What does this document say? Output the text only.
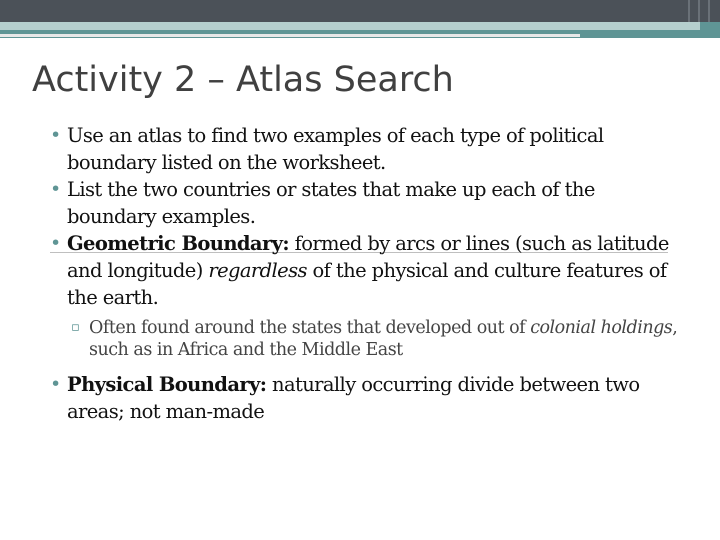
Activity 2 – Atlas Search
• Use an atlas to find two examples of each type of political boundary listed on the worksheet.
• List the two countries or states that make up each of the boundary examples.
• Geometric Boundary: formed by arcs or lines (such as latitude and longitude) regardless of the physical and culture features of the earth.
▫ Often found around the states that developed out of colonial holdings, such as in Africa and the Middle East
• Physical Boundary: naturally occurring divide between two areas; not man-made
